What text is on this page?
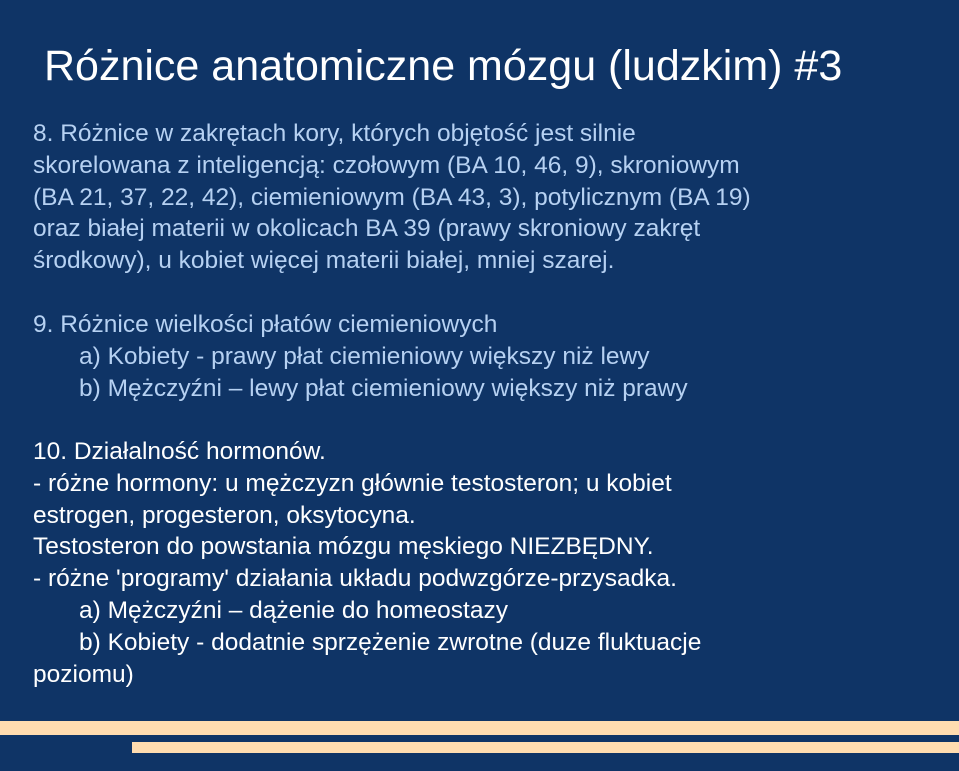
Różnice anatomiczne mózgu (ludzkim) #3
8. Różnice w zakrętach kory, których objętość jest silnie
skorelowana z inteligencją: czołowym (BA 10, 46, 9), skroniowym
(BA 21, 37, 22, 42), ciemieniowym (BA 43, 3), potylicznym (BA 19)
oraz białej materii w okolicach BA 39 (prawy skroniowy zakręt
środkowy), u kobiet więcej materii białej, mniej szarej.
9. Różnice wielkości płatów ciemieniowych
a) Kobiety - prawy płat ciemieniowy większy niż lewy
b) Mężczyźni – lewy płat ciemieniowy większy niż prawy
10. Działalność hormonów.
- różne hormony: u mężczyzn głównie testosteron; u kobiet
estrogen, progesteron, oksytocyna.
Testosteron do powstania mózgu męskiego NIEZBĘDNY.
- różne 'programy' działania układu podwzgórze-przysadka.
a) Mężczyźni – dążenie do homeostazy
b) Kobiety - dodatnie sprzężenie zwrotne (duze fluktuacje
poziomu)
